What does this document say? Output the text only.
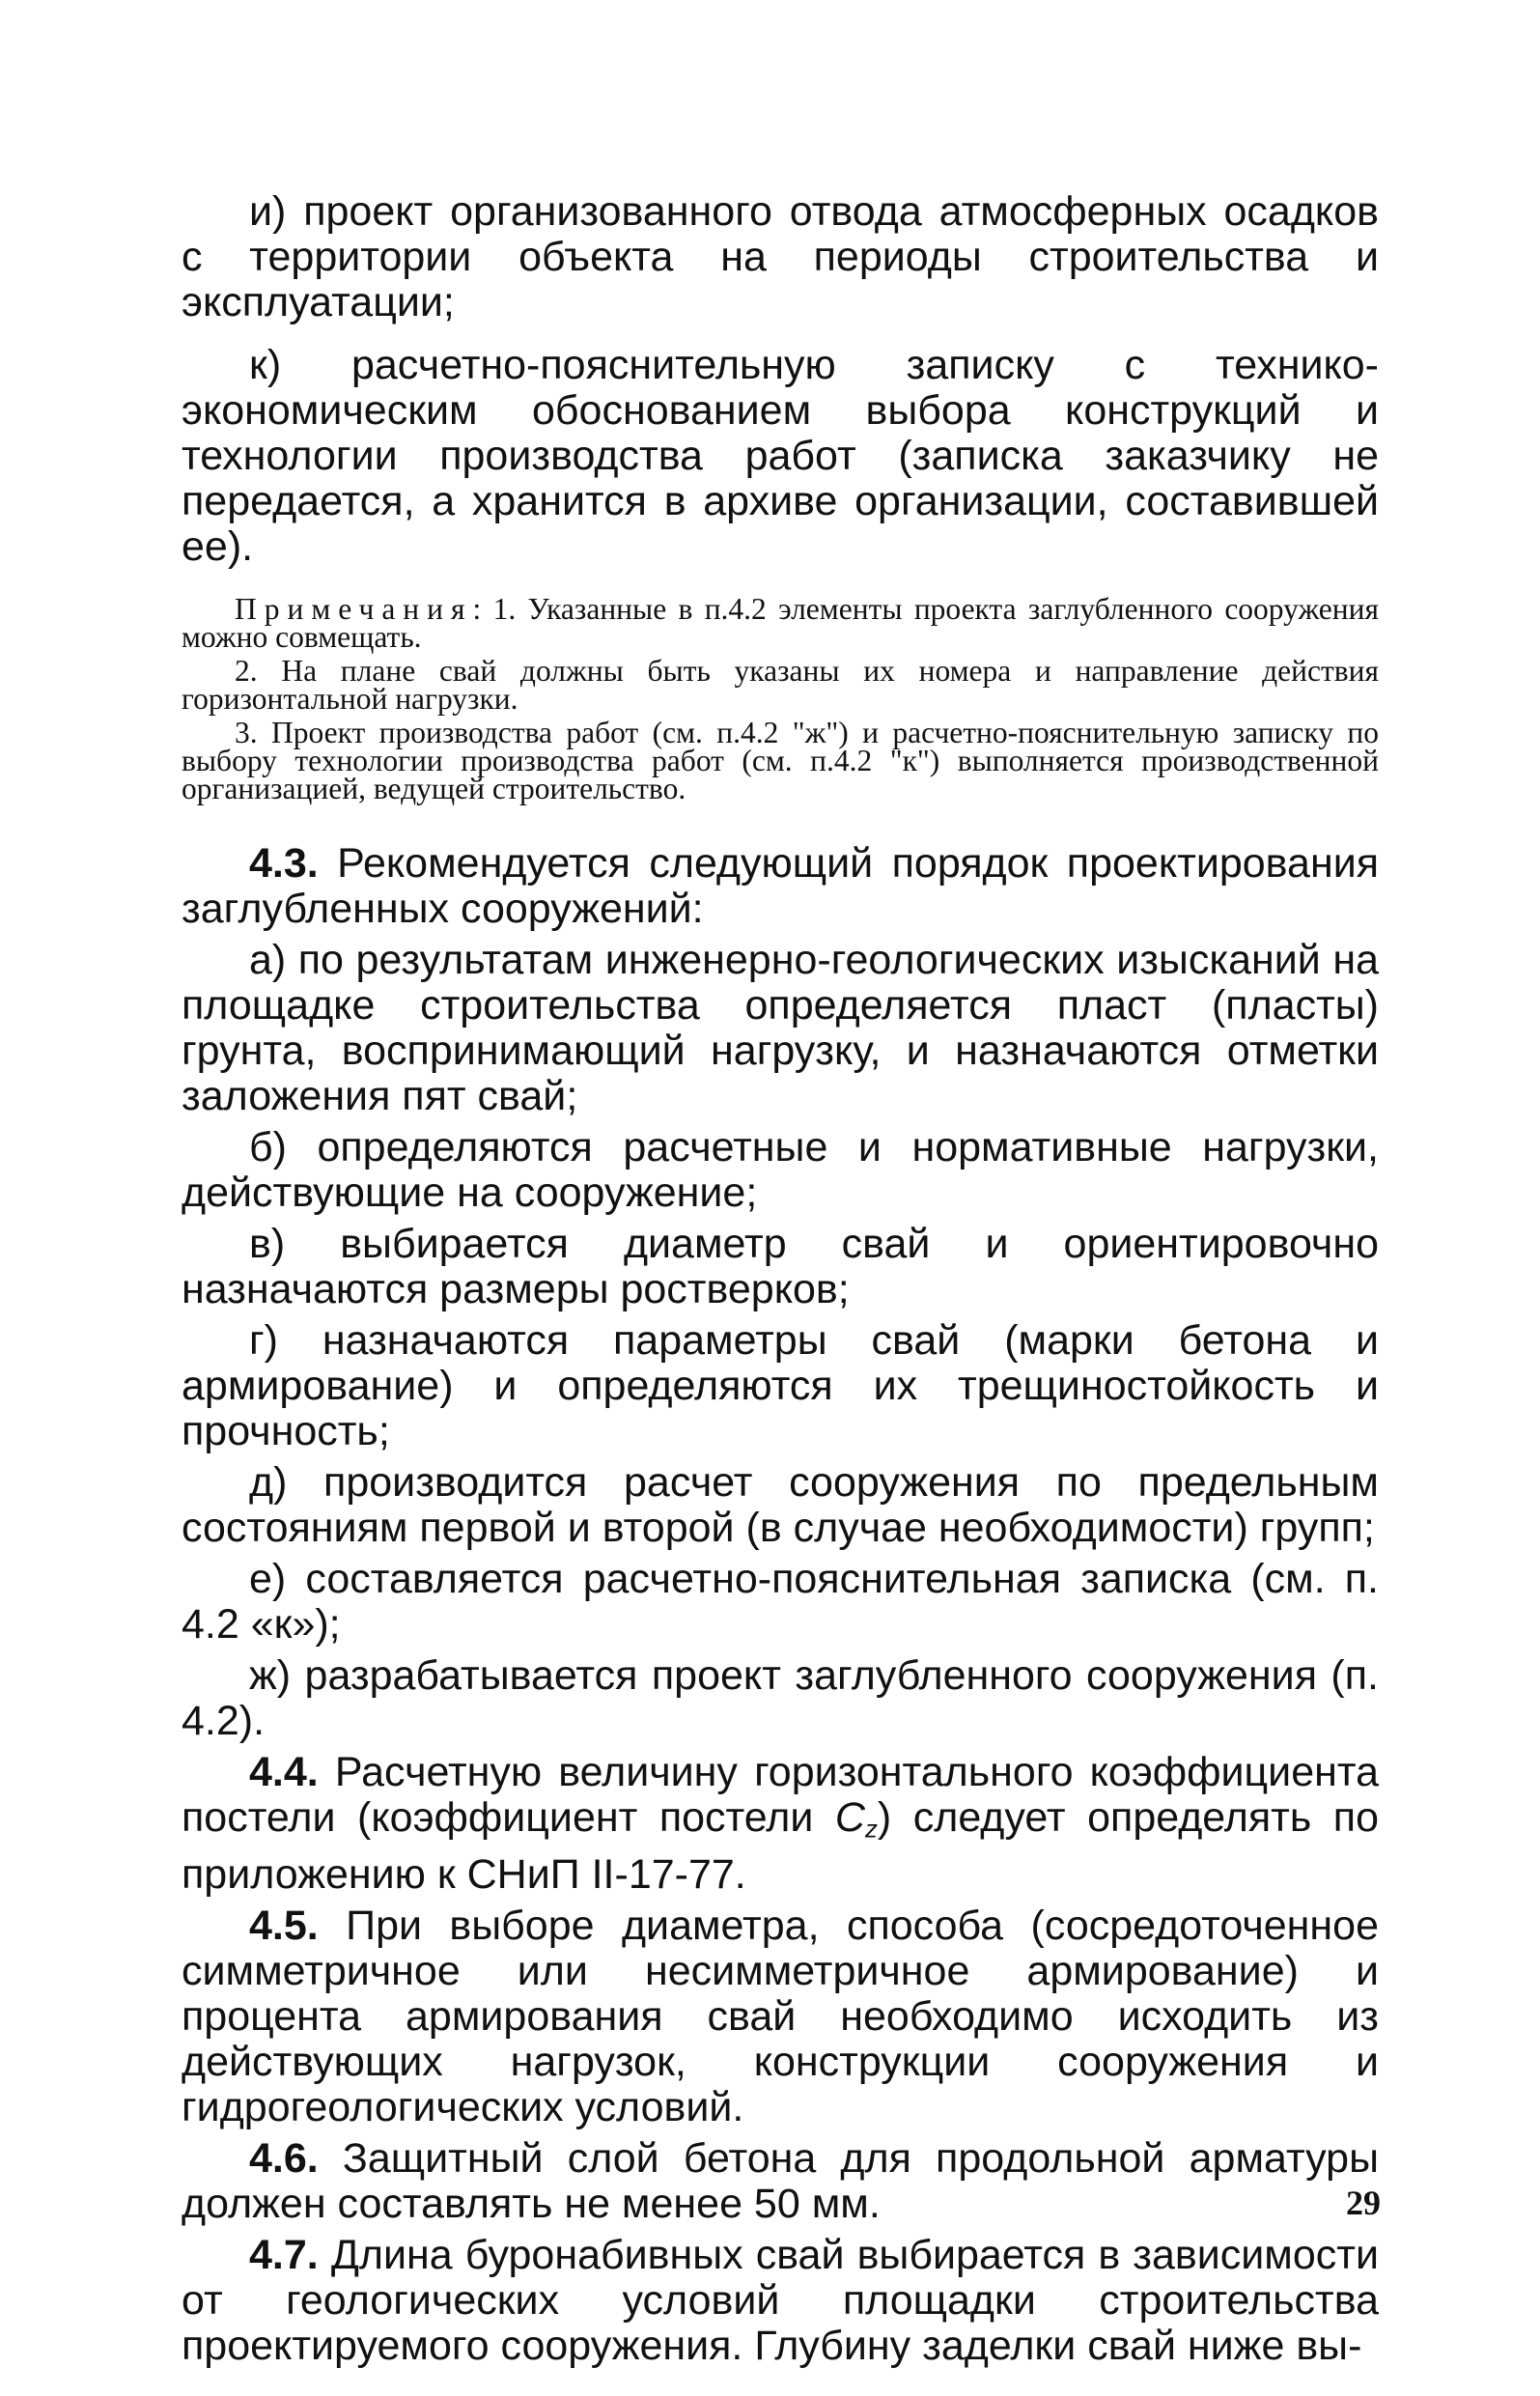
и) проект организованного отвода атмосферных осадков с территории объекта на периоды строительства и эксплуатации;

к) расчетно-пояснительную записку с технико-экономическим обоснованием выбора конструкций и технологии производства работ (записка заказчику не передается, а хранится в архиве организации, составившей ее).

Примечания: 1. Указанные в п.4.2 элементы проекта заглубленного сооружения можно совмещать.

2. На плане свай должны быть указаны их номера и направление действия горизонтальной нагрузки.

3. Проект производства работ (см. п.4.2 "ж") и расчетно-пояснительную записку по выбору технологии производства работ (см. п.4.2 "к") выполняется производственной организацией, ведущей строительство.

4.3. Рекомендуется следующий порядок проектирования заглубленных сооружений:

а) по результатам инженерно-геологических изысканий на площадке строительства определяется пласт (пласты) грунта, воспринимающий нагрузку, и назначаются отметки заложения пят свай;

б) определяются расчетные и нормативные нагрузки, действующие на сооружение;

в) выбирается диаметр свай и ориентировочно назначаются размеры ростверков;

г) назначаются параметры свай (марки бетона и армирование) и определяются их трещиностойкость и прочность;

д) производится расчет сооружения по предельным состояниям первой и второй (в случае необходимости) групп;

е) составляется расчетно-пояснительная записка (см. п. 4.2 «к»);

ж) разрабатывается проект заглубленного сооружения (п. 4.2).

4.4. Расчетную величину горизонтального коэффициента постели (коэффициент постели $C_z$) следует определять по приложению к СНиП II-17-77.

4.5. При выборе диаметра, способа (сосредоточенное симметричное или несимметричное армирование) и процента армирования свай необходимо исходить из действующих нагрузок, конструкции сооружения и гидрогеологических условий.

4.6. Защитный слой бетона для продольной арматуры должен составлять не менее 50 мм.

4.7. Длина буронабивных свай выбирается в зависимости от геологических условий площадки строительства проектируемого сооружения. Глубину заделки свай ниже вы-

29
